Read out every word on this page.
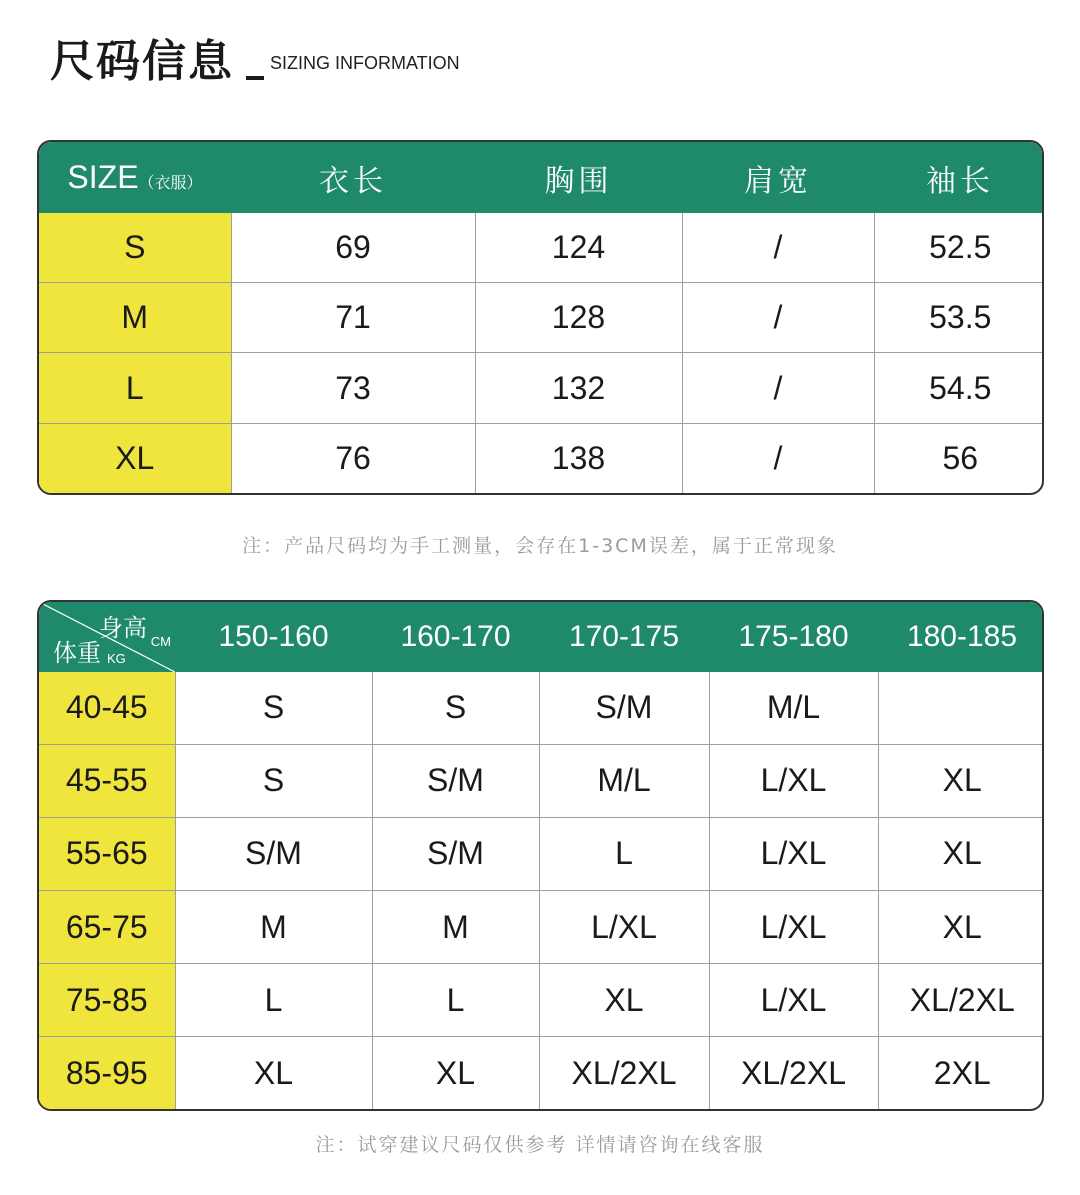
尺码信息 SIZING INFORMATION
SIZE（衣服）	衣长	胸围	肩宽	袖长
S	69	124	/	52.5
M	71	128	/	53.5
L	73	132	/	54.5
XL	76	138	/	56
注：产品尺码均为手工测量，会存在1-3CM误差，属于正常现象
身高 CM
体重 KG	150-160	160-170	170-175	175-180	180-185
40-45	S	S	S/M	M/L	
45-55	S	S/M	M/L	L/XL	XL
55-65	S/M	S/M	L	L/XL	XL
65-75	M	M	L/XL	L/XL	XL
75-85	L	L	XL	L/XL	XL/2XL
85-95	XL	XL	XL/2XL	XL/2XL	2XL
注：试穿建议尺码仅供参考 详情请咨询在线客服
